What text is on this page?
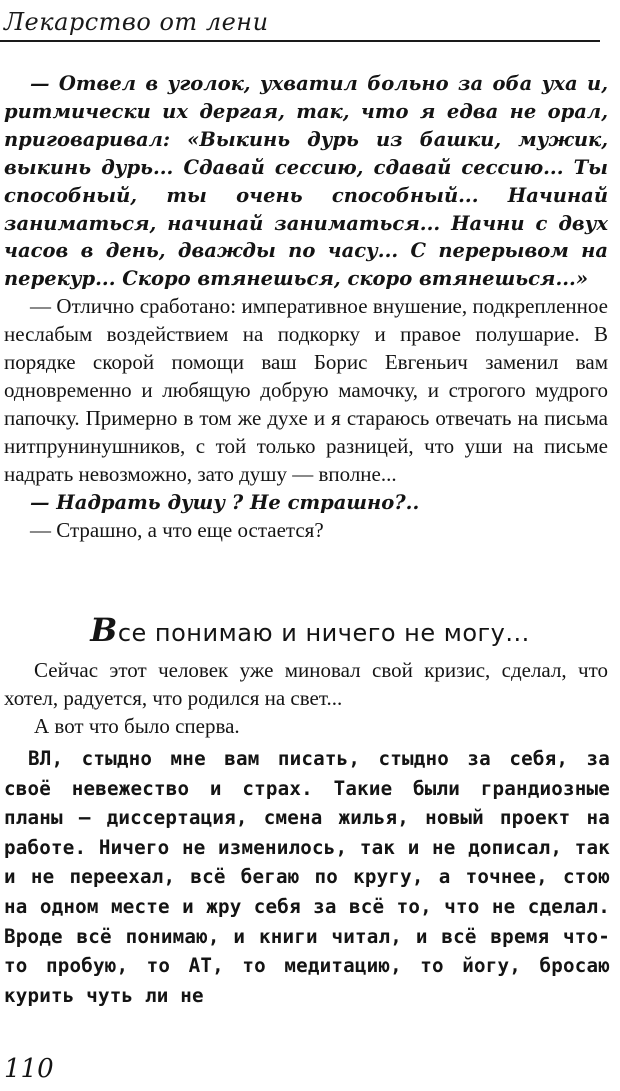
Лекарство от лени

— Отвел в уголок, ухватил больно за оба уха и, ритмически их дергая, так, что я едва не орал, приговаривал: «Выкинь дурь из башки, мужик, выкинь дурь... Сдавай сессию, сдавай сессию... Ты способный, ты очень способный... Начинай заниматься, начинай заниматься... Начни с двух часов в день, дважды по часу... С перерывом на перекур... Скоро втянешься, скоро втянешься...»

— Отлично сработано: императивное внушение, подкрепленное неслабым воздействием на подкорку и правое полушарие. В порядке скорой помощи ваш Борис Евгеньич заменил вам одновременно и любящую добрую мамочку, и строгого мудрого папочку. Примерно в том же духе и я стараюсь отвечать на письма нитпрунинушников, с той только разницей, что уши на письме надрать невозможно, зато душу — вполне...

— Надрать душу ? Не страшно?..

— Страшно, а что еще остается?

Все понимаю и ничего не могу...

Сейчас этот человек уже миновал свой кризис, сделал, что хотел, радуется, что родился на свет...

А вот что было сперва.

ВЛ, стыдно мне вам писать, стыдно за себя, за своё невежество и страх. Такие были грандиозные планы — диссертация, смена жилья, новый проект на работе. Ничего не изменилось, так и не дописал, так и не переехал, всё бегаю по кругу, а точнее, стою на одном месте и жру себя за всё то, что не сделал. Вроде всё понимаю, и книги читал, и всё время что-то пробую, то АТ, то медитацию, то йогу, бросаю курить чуть ли не

110
